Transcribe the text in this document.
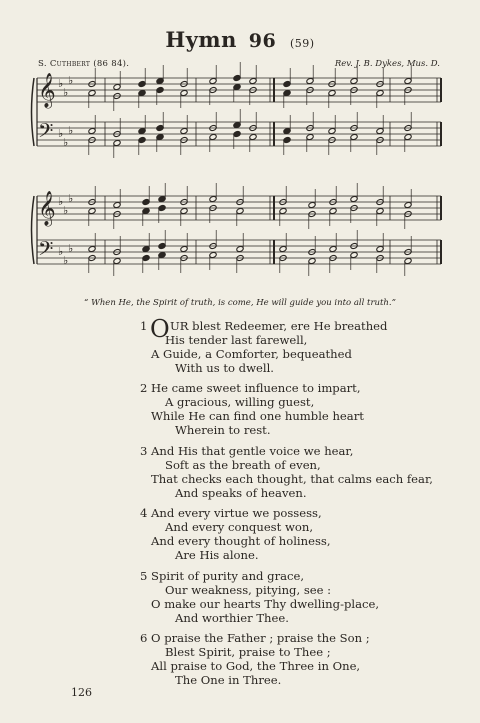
Hymn 96 (59)
S. Cuthbert (86 84).	Rev. J. B. Dykes, Mus. D.
𝄞
𝄢
♭
♭
♭
♭
♭
♭
𝄞
𝄢
♭
♭
♭
♭
♭
♭
“ When He, the Spirit of truth, is come, He will guide you into all truth.”
1 O UR blest Redeemer, ere He breathed
His tender last farewell,
A Guide, a Comforter, bequeathed
With us to dwell.
2 He came sweet influence to impart,
A gracious, willing guest,
While He can find one humble heart
Wherein to rest.
3 And His that gentle voice we hear,
Soft as the breath of even,
That checks each thought, that calms each fear,
And speaks of heaven.
4 And every virtue we possess,
And every conquest won,
And every thought of holiness,
Are His alone.
5 Spirit of purity and grace,
Our weakness, pitying, see :
O make our hearts Thy dwelling-place,
And worthier Thee.
6 O praise the Father ; praise the Son ;
Blest Spirit, praise to Thee ;
All praise to God, the Three in One,
The One in Three.
126
